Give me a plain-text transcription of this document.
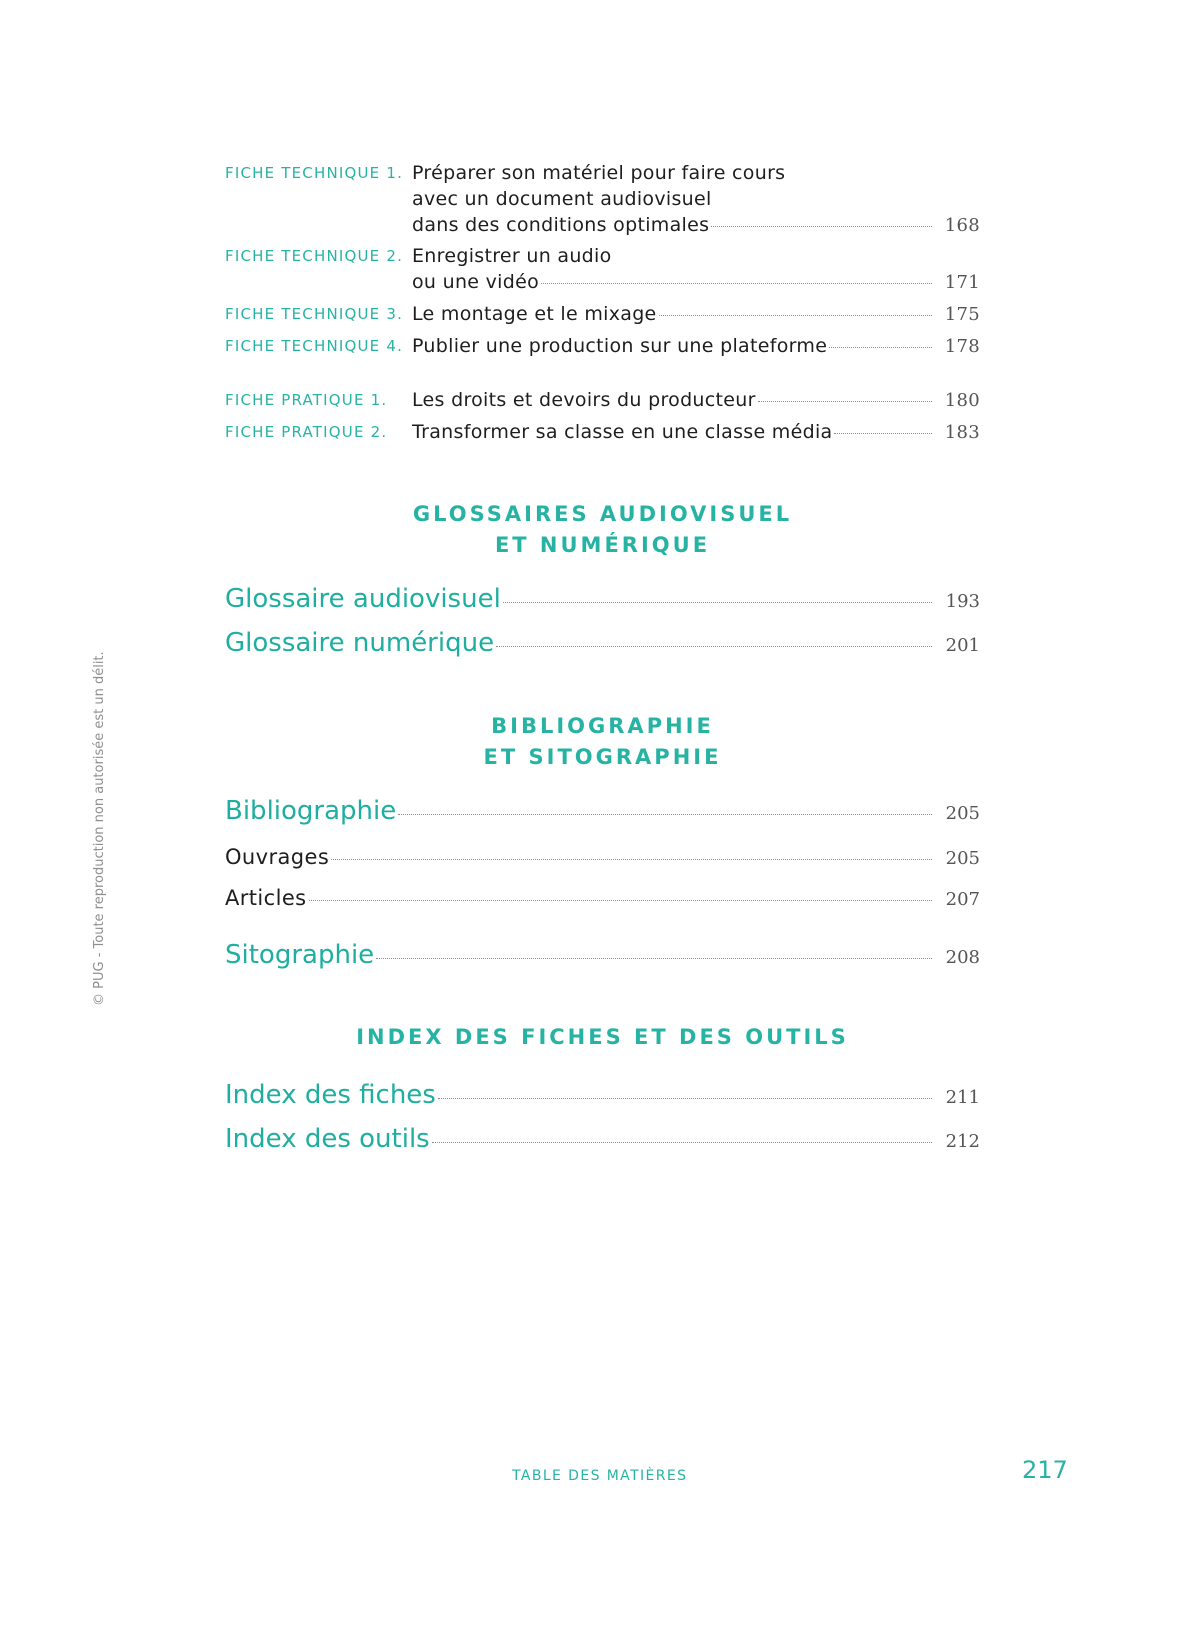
FICHE TECHNIQUE 1. Préparer son matériel pour faire cours
avec un document audiovisuel
dans des conditions optimales	168
FICHE TECHNIQUE 2. Enregistrer un audio
ou une vidéo	171
FICHE TECHNIQUE 3. Le montage et le mixage	175
FICHE TECHNIQUE 4. Publier une production sur une plateforme	178
FICHE PRATIQUE 1. Les droits et devoirs du producteur	180
FICHE PRATIQUE 2. Transformer sa classe en une classe média	183
GLOSSAIRES AUDIOVISUEL
ET NUMÉRIQUE
Glossaire audiovisuel	193
Glossaire numérique	201
BIBLIOGRAPHIE
ET SITOGRAPHIE
Bibliographie	205
Ouvrages	205
Articles	207
Sitographie	208
INDEX DES FICHES ET DES OUTILS
Index des fiches	211
Index des outils	212
TABLE DES MATIÈRES	217
© PUG - Toute reproduction non autorisée est un délit.
